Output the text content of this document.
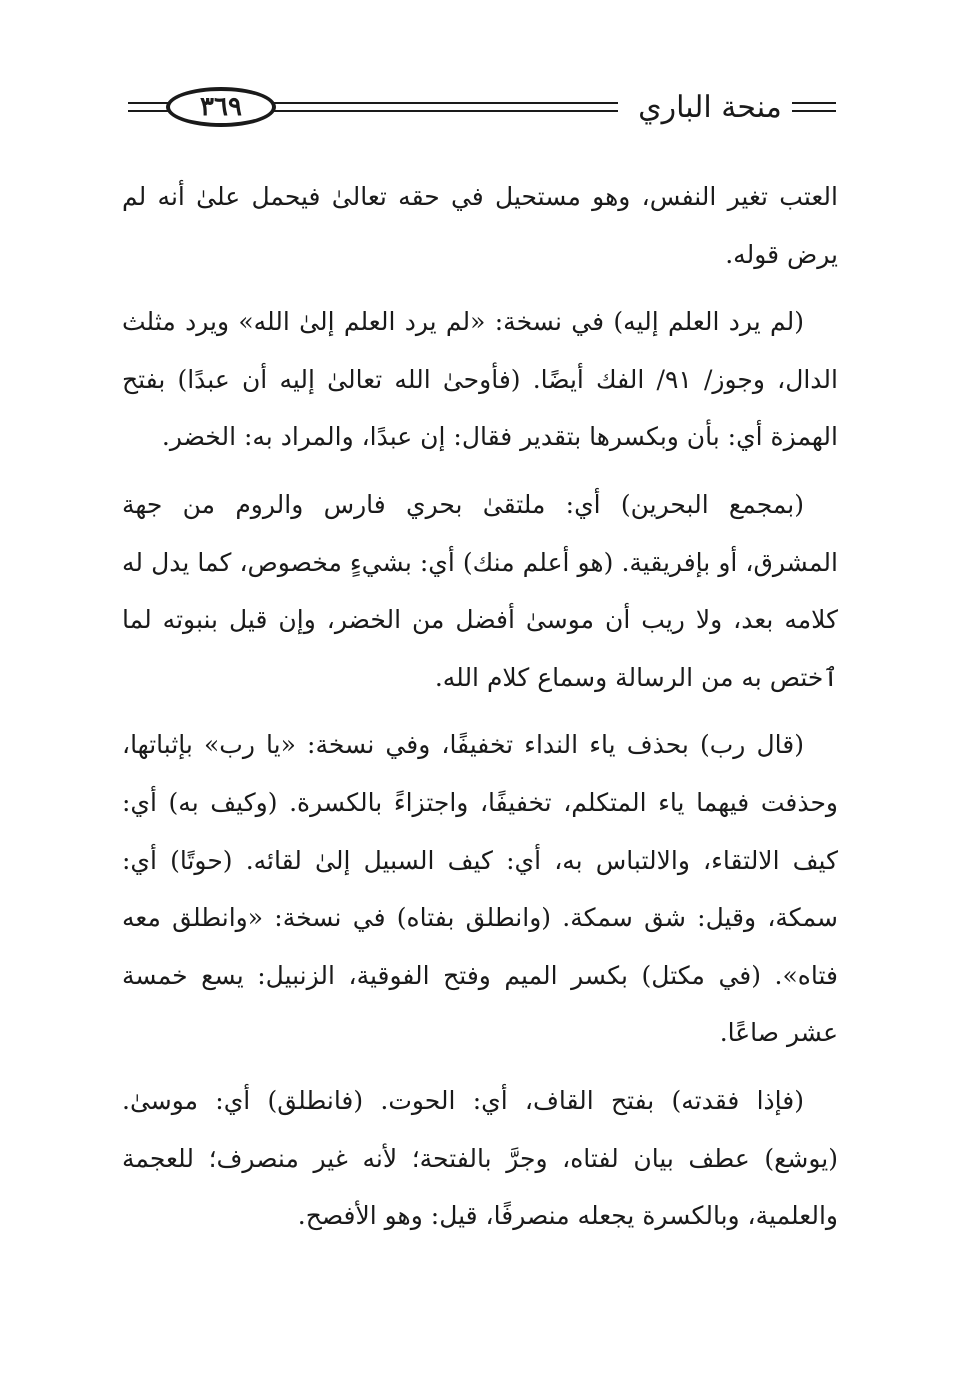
٣٦٩	منحة الباري

العتب تغير النفس، وهو مستحيل في حقه تعالىٰ فيحمل علىٰ أنه لم يرض قوله.

(لم يرد العلم إليه) في نسخة: «لم يرد العلم إلىٰ الله» ويرد مثلث الدال، وجوز/ ٩١/ الفك أيضًا. (فأوحىٰ الله تعالىٰ إليه أن عبدًا) بفتح الهمزة أي: بأن وبكسرها بتقدير فقال: إن عبدًا، والمراد به: الخضر.

(بمجمع البحرين) أي: ملتقىٰ بحري فارس والروم من جهة المشرق، أو بإفريقية. (هو أعلم منك) أي: بشيءٍ مخصوص، كما يدل له كلامه بعد، ولا ريب أن موسىٰ أفضل من الخضر، وإن قيل بنبوته لما ٱختص به من الرسالة وسماع كلام الله.

(قال رب) بحذف ياء النداء تخفيفًا، وفي نسخة: «يا رب» بإثباتها، وحذفت فيهما ياء المتكلم، تخفيفًا، واجتزاءً بالكسرة. (وكيف به) أي: كيف الالتقاء، والالتباس به، أي: كيف السبيل إلىٰ لقائه. (حوتًا) أي: سمكة، وقيل: شق سمكة. (وانطلق بفتاه) في نسخة: «وانطلق معه فتاه». (في مكتل) بكسر الميم وفتح الفوقية، الزنبيل: يسع خمسة عشر صاعًا.

(فإذا فقدته) بفتح القاف، أي: الحوت. (فانطلق) أي: موسىٰ. (يوشع) عطف بيان لفتاه، وجرَّ بالفتحة؛ لأنه غير منصرف؛ للعجمة والعلمية، وبالكسرة يجعله منصرفًا، قيل: وهو الأفصح.
